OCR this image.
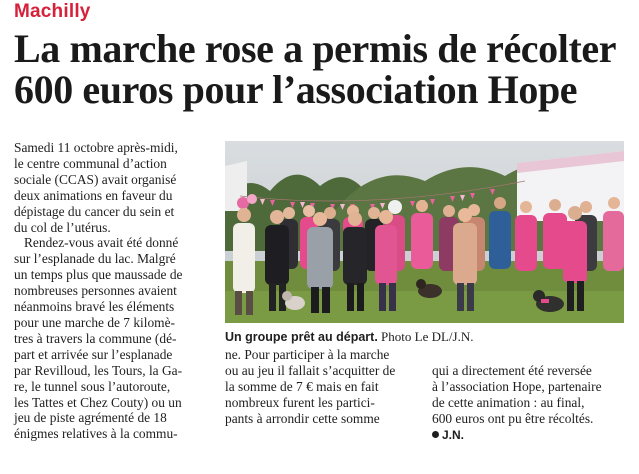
Machilly
La marche rose a permis de récolter
600 euros pour l’association Hope
Samedi 11 octobre après-midi,
le centre communal d’action
sociale (CCAS) avait organisé
deux animations en faveur du
dépistage du cancer du sein et
du col de l’utérus.
Rendez-vous avait été donné
sur l’esplanade du lac. Malgré
un temps plus que maussade de
nombreuses personnes avaient
néanmoins bravé les éléments
pour une marche de 7 kilomè-
tres à travers la commune (dé-
part et arrivée sur l’esplanade
par Revilloud, les Tours, la Ga-
re, le tunnel sous l’autoroute,
les Tattes et Chez Couty) ou un
jeu de piste agrémenté de 18
énigmes relatives à la commu-
Un groupe prêt au départ. Photo Le DL/J.N.
ne. Pour participer à la marche
ou au jeu il fallait s’acquitter de
la somme de 7 € mais en fait
nombreux furent les partici-
pants à arrondir cette somme
qui a directement été reversée
à l’association Hope, partenaire
de cette animation : au final,
600 euros ont pu être récoltés.
J.N.
